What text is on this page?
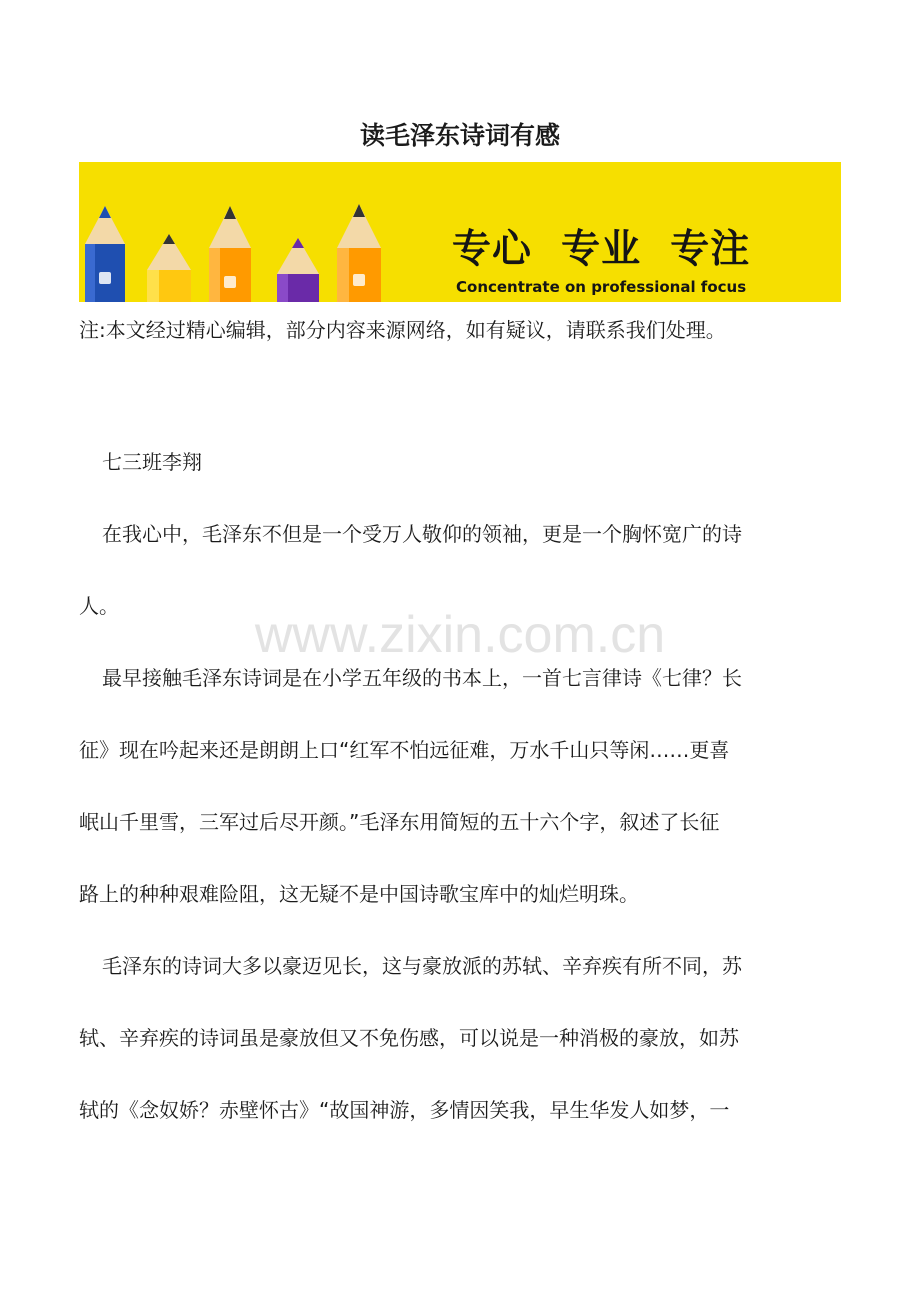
读毛泽东诗词有感
专心  专业  专注
Concentrate on professional focus

注:本文经过精心编辑，部分内容来源网络，如有疑议，请联系我们处理。

七三班李翔

在我心中，毛泽东不但是一个受万人敬仰的领袖，更是一个胸怀宽广的诗

人。

最早接触毛泽东诗词是在小学五年级的书本上，一首七言律诗《七律？长

征》现在吟起来还是朗朗上口“红军不怕远征难，万水千山只等闲……更喜

岷山千里雪，三军过后尽开颜。”毛泽东用简短的五十六个字，叙述了长征

路上的种种艰难险阻，这无疑不是中国诗歌宝库中的灿烂明珠。

毛泽东的诗词大多以豪迈见长，这与豪放派的苏轼、辛弃疾有所不同，苏

轼、辛弃疾的诗词虽是豪放但又不免伤感，可以说是一种消极的豪放，如苏

轼的《念奴娇？赤壁怀古》“故国神游，多情因笑我，早生华发人如梦，一

www.zixin.com.cn
